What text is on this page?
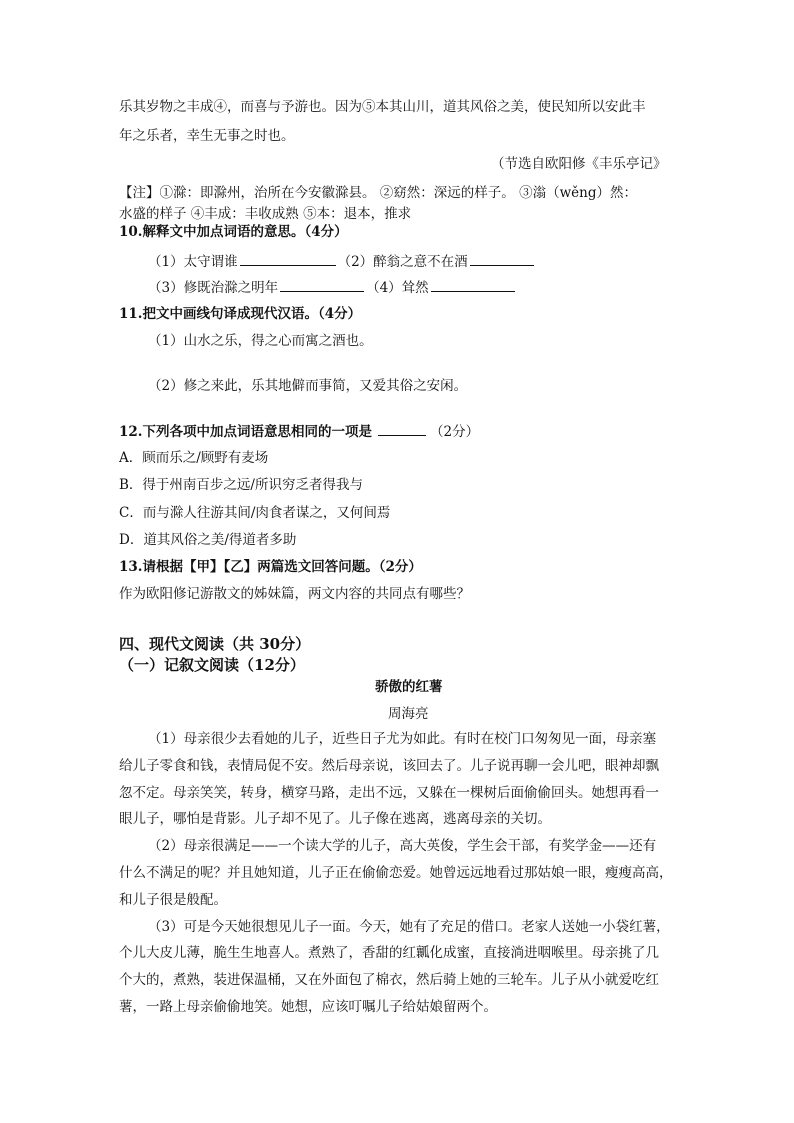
乐其岁物之丰成④，而喜与予游也。因为⑤本其山川，道其风俗之美，使民知所以安此丰
年之乐者，幸生无事之时也。
（节选自欧阳修《丰乐亭记》
【注】①滁：即滁州，治所在今安徽滁县。 ②窈然：深远的样子。 ③滃（wěng）然：
水盛的样子 ④丰成：丰收成熟 ⑤本：退本，推求
10.解释文中加点词语的意思。（4分）
（1）太守谓谁	（2）醉翁之意不在酒
（3）修既治滁之明年	（4）耸然
11.把文中画线句译成现代汉语。（4分）
（1）山水之乐，得之心而寓之酒也。
（2）修之来此，乐其地僻而事简，又爱其俗之安闲。
12.下列各项中加点词语意思相同的一项是	（2分）
A．顾而乐之/顾野有麦场
B．得于州南百步之远/所识穷乏者得我与
C．而与滁人往游其间/肉食者谋之，又何间焉
D．道其风俗之美/得道者多助
13.请根据【甲】【乙】两篇选文回答问题。（2分）
作为欧阳修记游散文的姊妹篇，两文内容的共同点有哪些？
四、现代文阅读（共 30分）
（一）记叙文阅读（12分）
骄傲的红薯
周海亮
（1）母亲很少去看她的儿子，近些日子尤为如此。有时在校门口匆匆见一面，母亲塞
给儿子零食和钱，表情局促不安。然后母亲说，该回去了。儿子说再聊一会儿吧，眼神却飘
忽不定。母亲笑笑，转身，横穿马路，走出不远，又躲在一棵树后面偷偷回头。她想再看一
眼儿子，哪怕是背影。儿子却不见了。儿子像在逃离，逃离母亲的关切。
（2）母亲很满足——一个读大学的儿子，高大英俊，学生会干部，有奖学金——还有
什么不满足的呢？并且她知道，儿子正在偷偷恋爱。她曾远远地看过那姑娘一眼，瘦瘦高高，
和儿子很是般配。
（3）可是今天她很想见儿子一面。今天，她有了充足的借口。老家人送她一小袋红薯，
个儿大皮儿薄，脆生生地喜人。煮熟了，香甜的红瓤化成蜜，直接淌进咽喉里。母亲挑了几
个大的，煮熟，装进保温桶，又在外面包了棉衣，然后骑上她的三轮车。儿子从小就爱吃红
薯，一路上母亲偷偷地笑。她想，应该叮嘱儿子给姑娘留两个。
